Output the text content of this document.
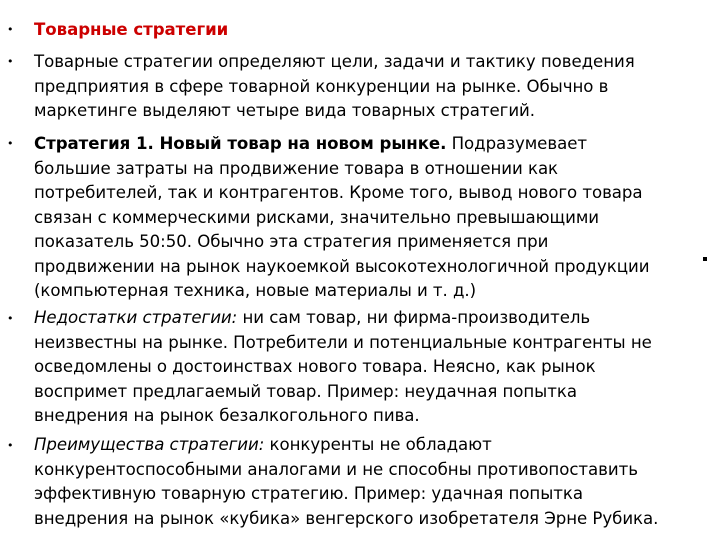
• Товарные стратегии
• Товарные стратегии определяют цели, задачи и тактику поведения
предприятия в сфере товарной конкуренции на рынке. Обычно в
маркетинге выделяют четыре вида товарных стратегий.
• Стратегия 1. Новый товар на новом рынке. Подразумевает
большие затраты на продвижение товара в отношении как
потребителей, так и контрагентов. Кроме того, вывод нового товара
связан с коммерческими рисками, значительно превышающими
показатель 50:50. Обычно эта стратегия применяется при
продвижении на рынок наукоемкой высокотехнологичной продукции
(компьютерная техника, новые материалы и т. д.)
• Недостатки стратегии: ни сам товар, ни фирма-производитель
неизвестны на рынке. Потребители и потенциальные контрагенты не
осведомлены о достоинствах нового товара. Неясно, как рынок
воспримет предлагаемый товар. Пример: неудачная попытка
внедрения на рынок безалкогольного пива.
• Преимущества стратегии: конкуренты не обладают
конкурентоспособными аналогами и не способны противопоставить
эффективную товарную стратегию. Пример: удачная попытка
внедрения на рынок «кубика» венгерского изобретателя Эрне Рубика.
